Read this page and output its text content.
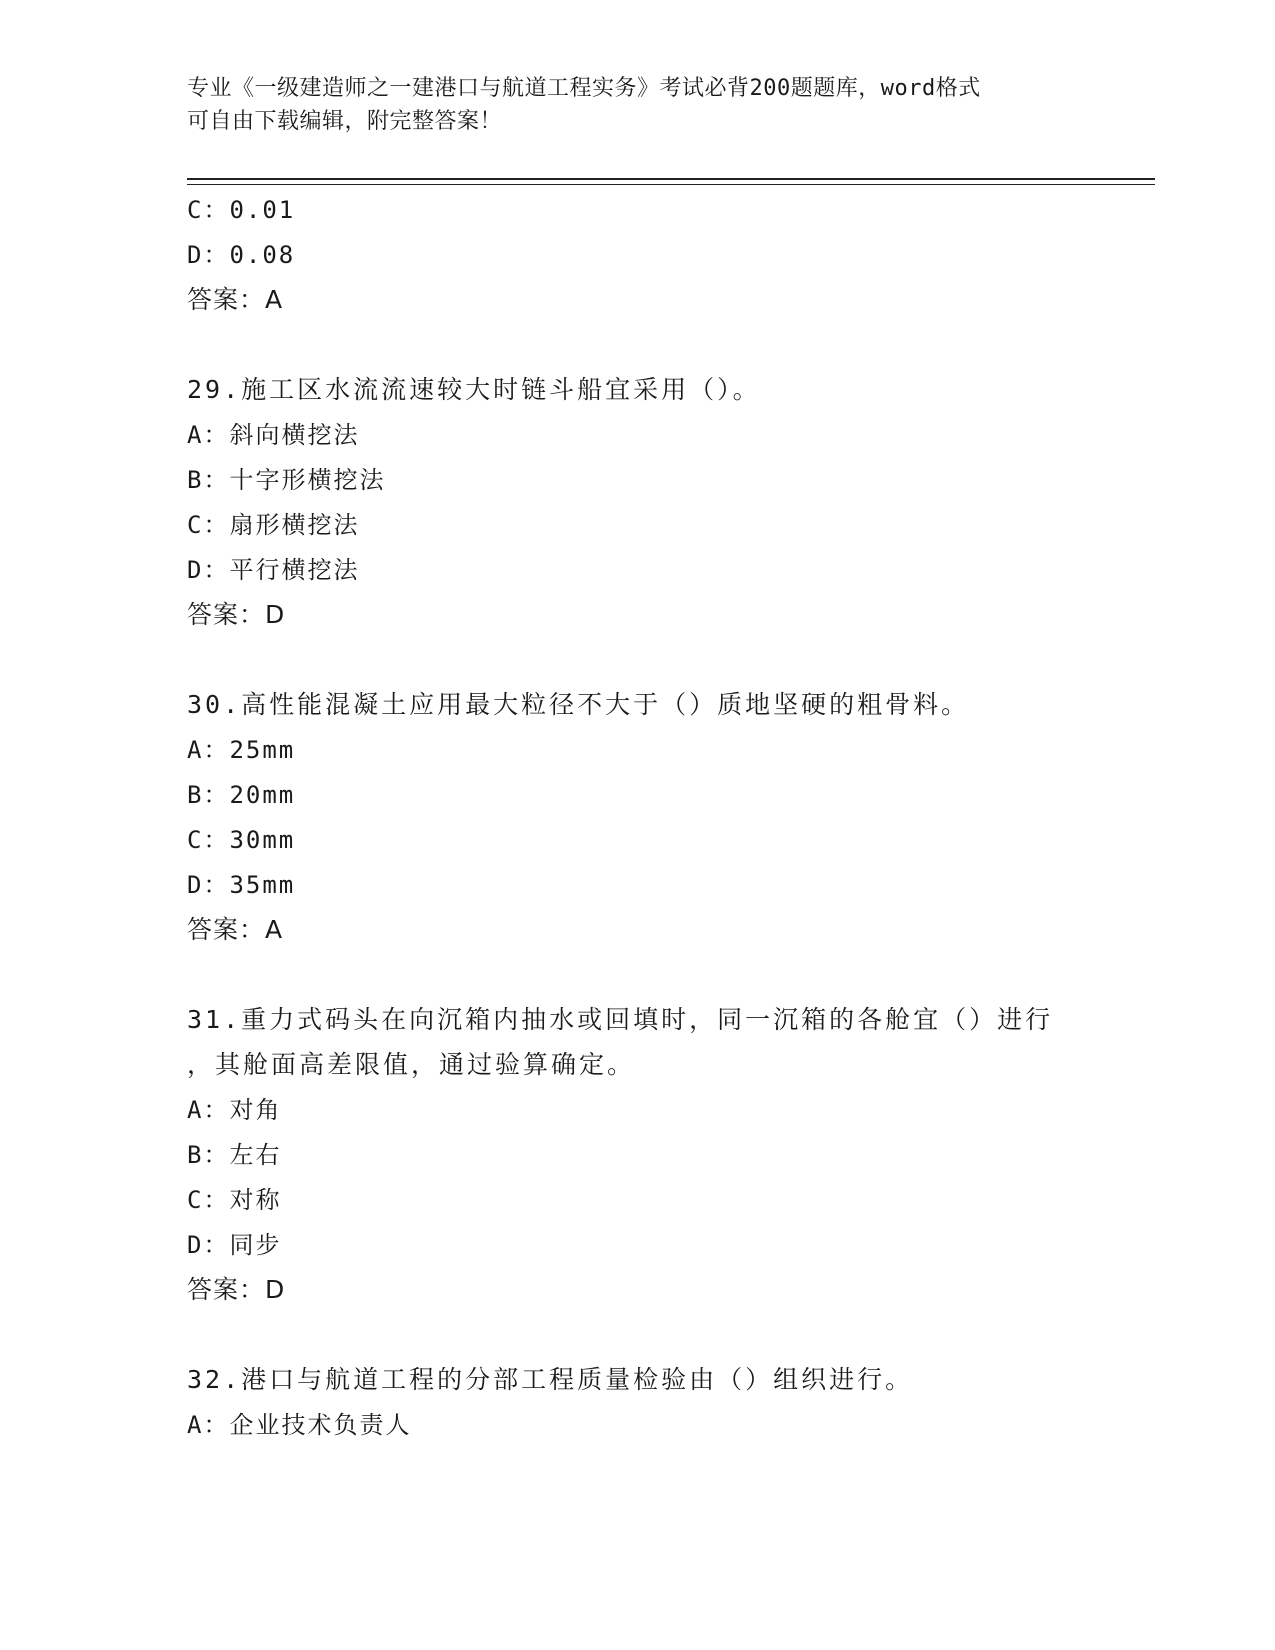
专业《一级建造师之一建港口与航道工程实务》考试必背200题题库，word格式
可自由下载编辑，附完整答案！
C：0.01
D：0.08
答案：A
29.施工区水流流速较大时链斗船宜采用（）。
A：斜向横挖法
B：十字形横挖法
C：扇形横挖法
D：平行横挖法
答案：D
30.高性能混凝土应用最大粒径不大于（）质地坚硬的粗骨料。
A：25mm
B：20mm
C：30mm
D：35mm
答案：A
31.重力式码头在向沉箱内抽水或回填时，同一沉箱的各舱宜（）进行
，其舱面高差限值，通过验算确定。
A：对角
B：左右
C：对称
D：同步
答案：D
32.港口与航道工程的分部工程质量检验由（）组织进行。
A：企业技术负责人
